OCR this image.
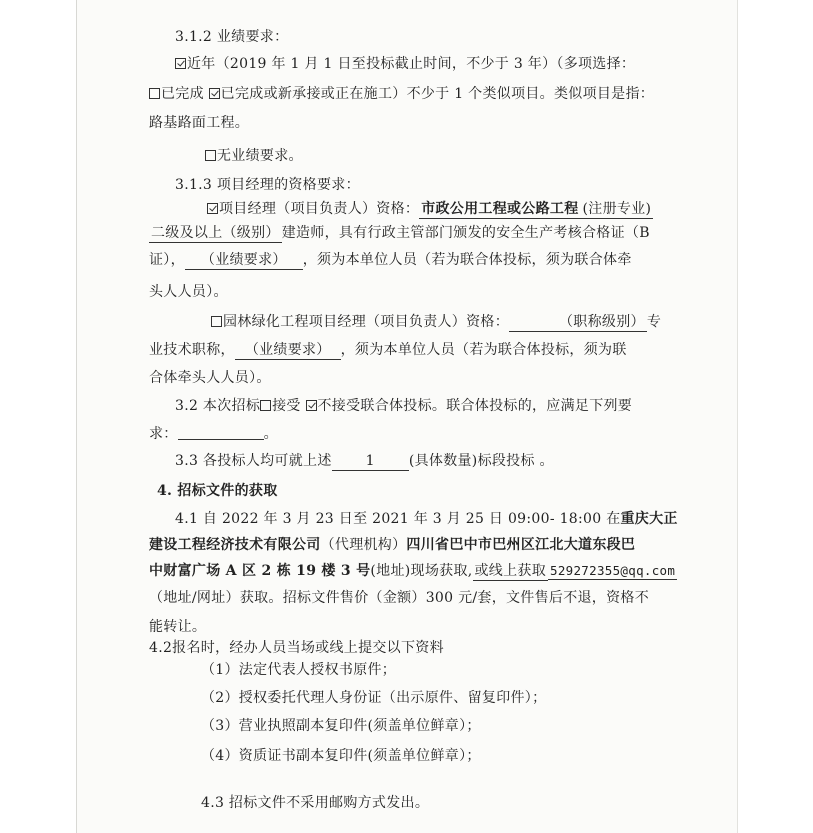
3.1.2 业绩要求：
近年（2019 年 1 月 1 日至投标截止时间，不少于 3 年）（多项选择：
已完成 已完成或新承接或正在施工）不少于 1 个类似项目。类似项目是指：
路基路面工程。
无业绩要求。
3.1.3 项目经理的资格要求：
项目经理（项目负责人）资格： 市政公用工程或公路工程 (注册专业)
二级及以上（级别） 建造师，具有行政主管部门颁发的安全生产考核合格证（B
证）， （业绩要求） ，须为本单位人员（若为联合体投标，须为联合体牵
头人人员）。
园林绿化工程项目经理（项目负责人）资格：	（职称级别） 专
业技术职称， （业绩要求） ，须为本单位人员（若为联合体投标，须为联
合体牵头人人员）。
3.2 本次招标 接受 不接受联合体投标。联合体投标的，应满足下列要
求：	。
3.3 各投标人均可就上述 1 (具体数量)标段投标 。
4. 招标文件的获取
4.1 自 2022 年 3 月 23 日至 2021 年 3 月 25 日 09:00- 18:00 在重庆大正
建设工程经济技术有限公司（代理机构）四川省巴中市巴州区江北大道东段巴
中财富广场 A 区 2 栋 19 楼 3 号(地址)现场获取, 或线上获取 529272355@qq.com
（地址/网址）获取。招标文件售价（金额）300 元/套，文件售后不退，资格不
能转让。
4.2报名时，经办人员当场或线上提交以下资料
（1）法定代表人授权书原件；
（2）授权委托代理人身份证（出示原件、留复印件）；
（3）营业执照副本复印件(须盖单位鲜章）；
（4）资质证书副本复印件(须盖单位鲜章）；
4.3 招标文件不采用邮购方式发出。
